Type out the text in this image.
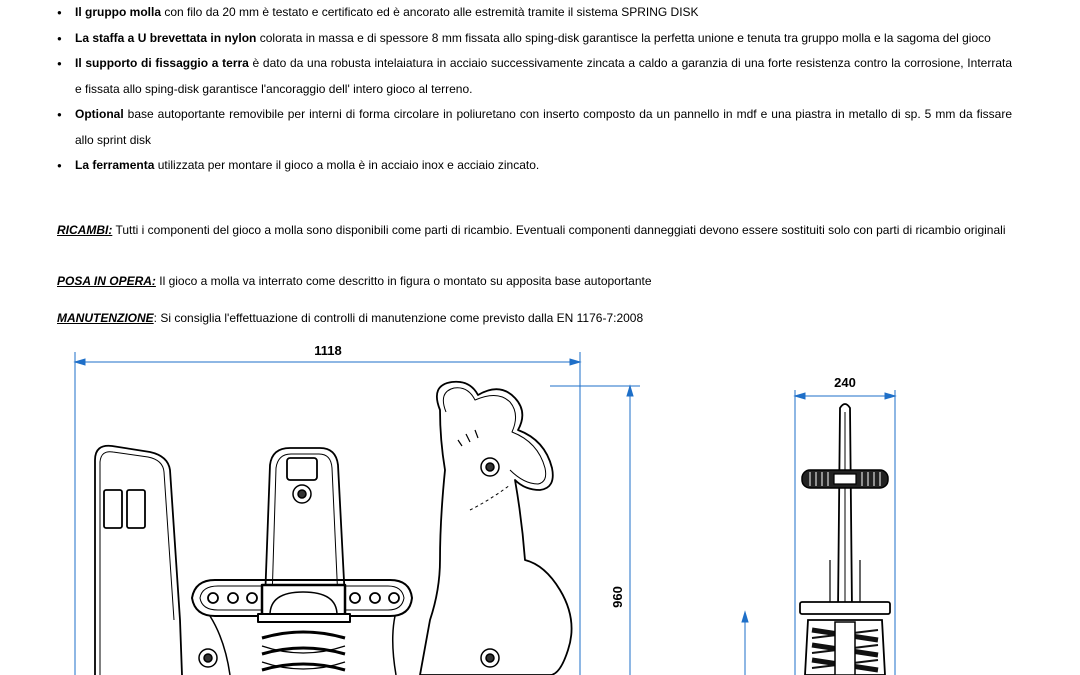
● Il gruppo molla con filo da 20 mm è testato e certificato ed è ancorato alle estremità tramite il sistema SPRING DISK
● La staffa a U brevettata in nylon colorata in massa e di spessore 8 mm fissata allo sping-disk garantisce la perfetta unione e tenuta tra gruppo molla e la sagoma del gioco
● Il supporto di fissaggio a terra è dato da una robusta intelaiatura in acciaio successivamente zincata a caldo a garanzia di una forte resistenza contro la corrosione, Interrata e fissata allo sping-disk garantisce l'ancoraggio dell' intero gioco al terreno.
● Optional base autoportante removibile per interni di forma circolare in poliuretano con inserto composto da un pannello in mdf e una piastra in metallo di sp. 5 mm da fissare allo sprint disk
● La ferramenta utilizzata per montare il gioco a molla è in acciaio inox e acciaio zincato.

RICAMBI: Tutti i componenti del gioco a molla sono disponibili come parti di ricambio. Eventuali componenti danneggiati devono essere sostituiti solo con parti di ricambio originali

POSA IN OPERA: Il gioco a molla va interrato come descritto in figura o montato su apposita base autoportante

MANUTENZIONE: Si consiglia l'effettuazione di controlli di manutenzione come previsto dalla EN 1176-7:2008

1118
960
240
